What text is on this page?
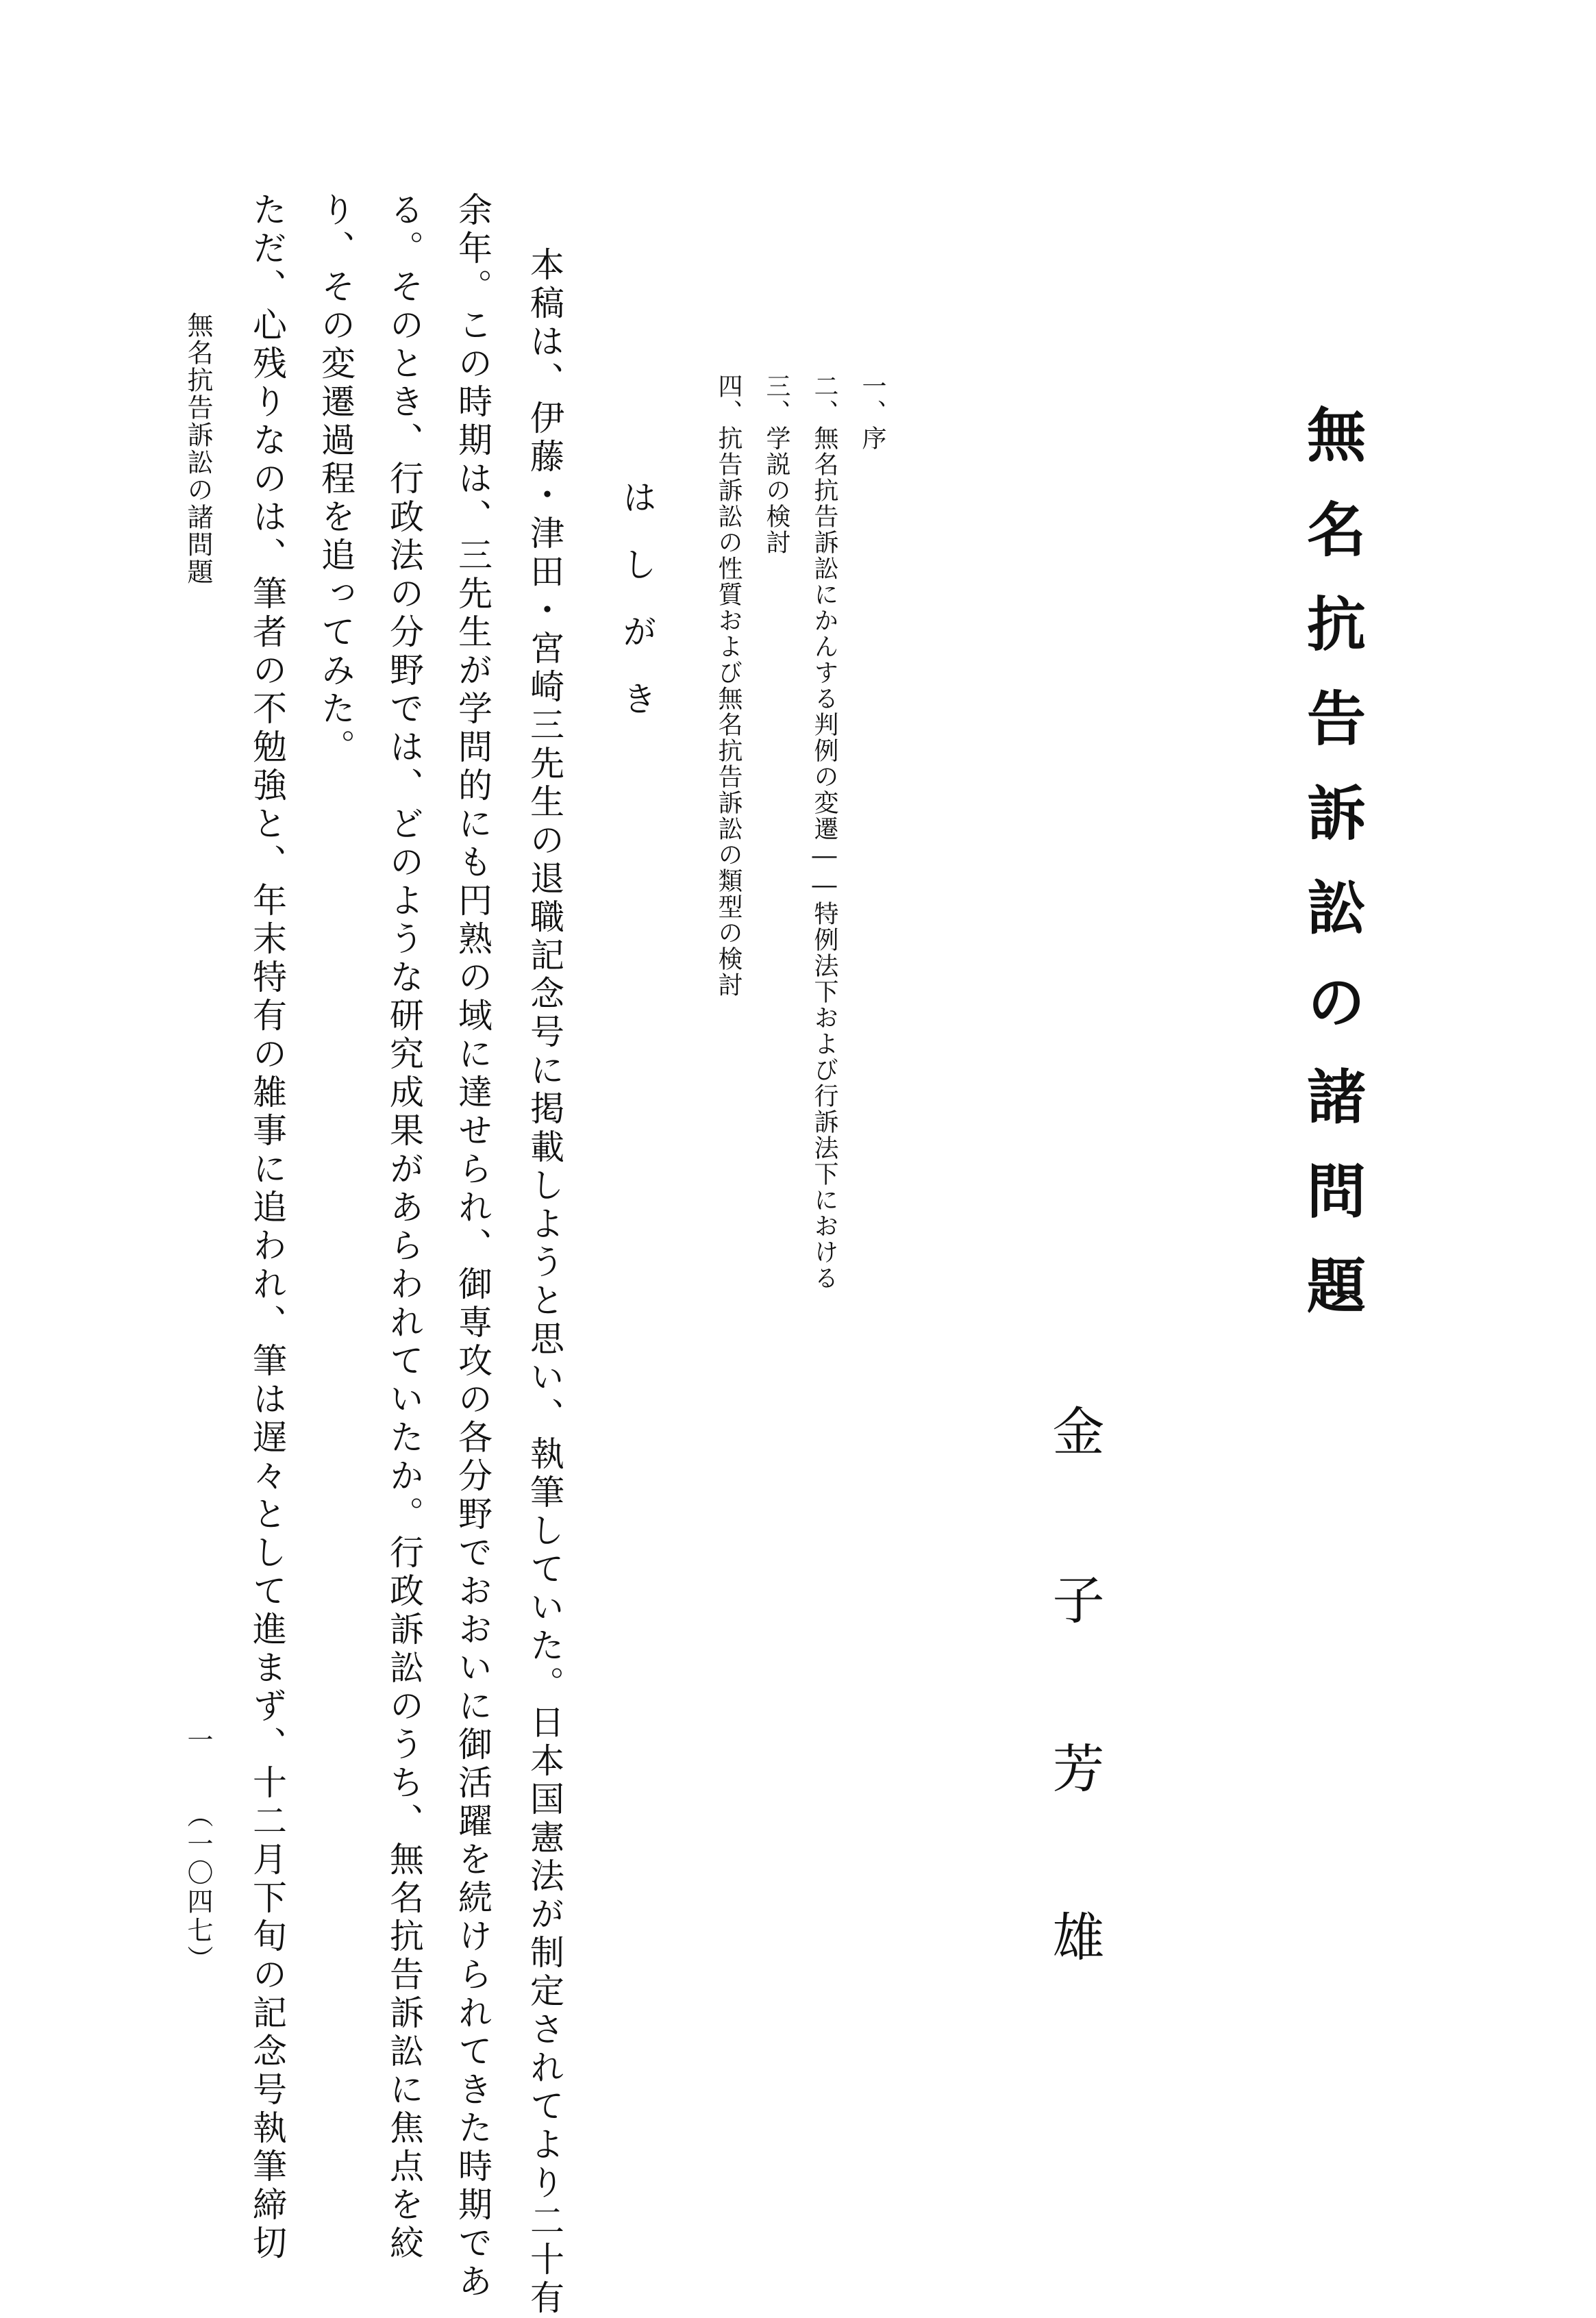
無名抗告訴訟の諸問題
金子芳雄
一、序
二、無名抗告訴訟にかんする判例の変遷――特例法下および行訴法下における
三、学説の検討
四、抗告訴訟の性質および無名抗告訴訟の類型の検討
はしがき
本稿は、伊藤・津田・宮崎三先生の退職記念号に掲載しようと思い、執筆していた。日本国憲法が制定されてより二十有
余年。この時期は、三先生が学問的にも円熟の域に達せられ、御専攻の各分野でおおいに御活躍を続けられてきた時期であ
る。そのとき、行政法の分野では、どのような研究成果があらわれていたか。行政訴訟のうち、無名抗告訴訟に焦点を絞
り、その変遷過程を追ってみた。
ただ、心残りなのは、筆者の不勉強と、年末特有の雑事に追われ、筆は遅々として進まず、十二月下旬の記念号執筆締切
無名抗告訴訟の諸問題
一
（一〇四七）
